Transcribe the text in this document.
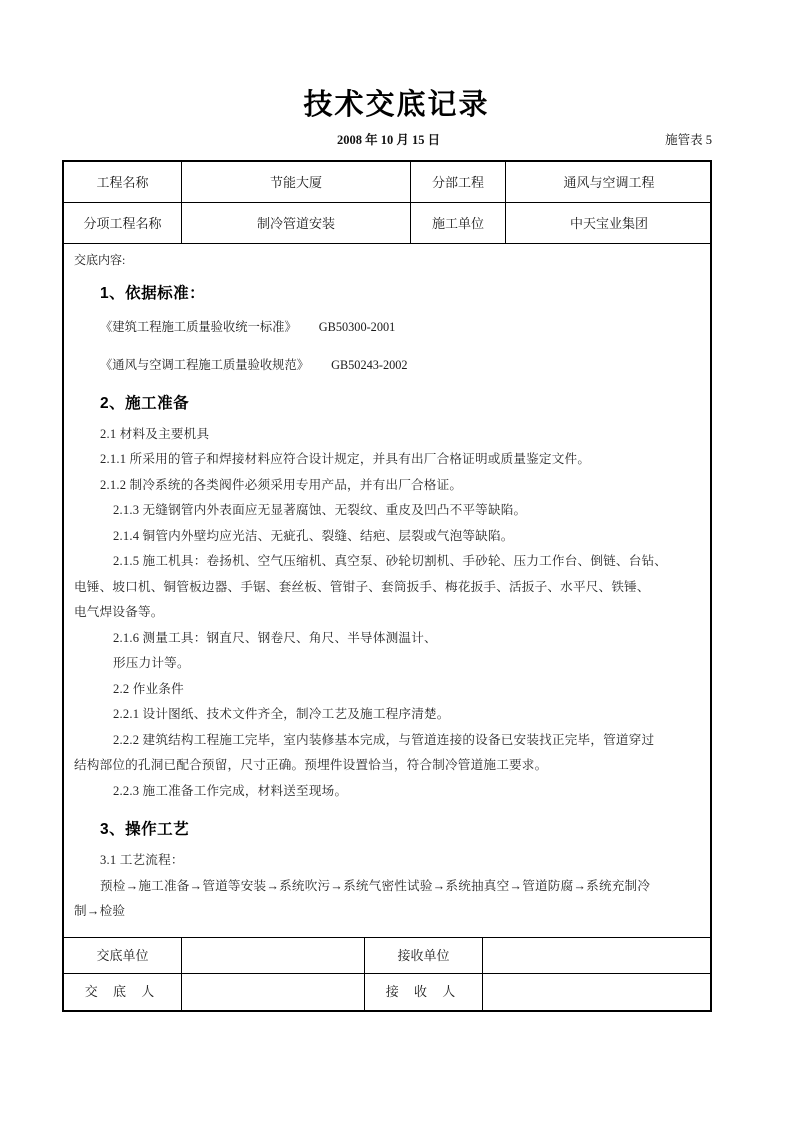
技术交底记录
2008 年 10 月 15 日	施管表 5
工程名称	节能大厦	分部工程	通风与空调工程
分项工程名称	制冷管道安装	施工单位	中天宝业集团

交底内容:

1、依据标准：

《建筑工程施工质量验收统一标准》 GB50300-2001

《通风与空调工程施工质量验收规范》 GB50243-2002

2、施工准备

2.1 材料及主要机具

2.1.1 所采用的管子和焊接材料应符合设计规定，并具有出厂合格证明或质量鉴定文件。

2.1.2 制冷系统的各类阀件必须采用专用产品，并有出厂合格证。

2.1.3 无缝钢管内外表面应无显著腐蚀、无裂纹、重皮及凹凸不平等缺陷。

2.1.4 铜管内外壁均应光洁、无疵孔、裂缝、结疤、层裂或气泡等缺陷。

2.1.5 施工机具：卷扬机、空气压缩机、真空泵、砂轮切割机、手砂轮、压力工作台、倒链、台钻、

电锤、坡口机、铜管板边器、手锯、套丝板、管钳子、套筒扳手、梅花扳手、活扳子、水平尺、铁锤、

电气焊设备等。

2.1.6 测量工具：钢直尺、钢卷尺、角尺、半导体测温计、

形压力计等。

2.2 作业条件

2.2.1 设计图纸、技术文件齐全，制冷工艺及施工程序清楚。

2.2.2 建筑结构工程施工完毕，室内装修基本完成，与管道连接的设备已安装找正完毕，管道穿过

结构部位的孔洞已配合预留，尺寸正确。预埋件设置恰当，符合制冷管道施工要求。

2.2.3 施工准备工作完成，材料送至现场。

3、操作工艺

3.1 工艺流程：

预检→施工准备→管道等安装→系统吹污→系统气密性试验→系统抽真空→管道防腐→系统充制冷

制→检验

交底单位	接收单位
交 底 人	接 收 人
